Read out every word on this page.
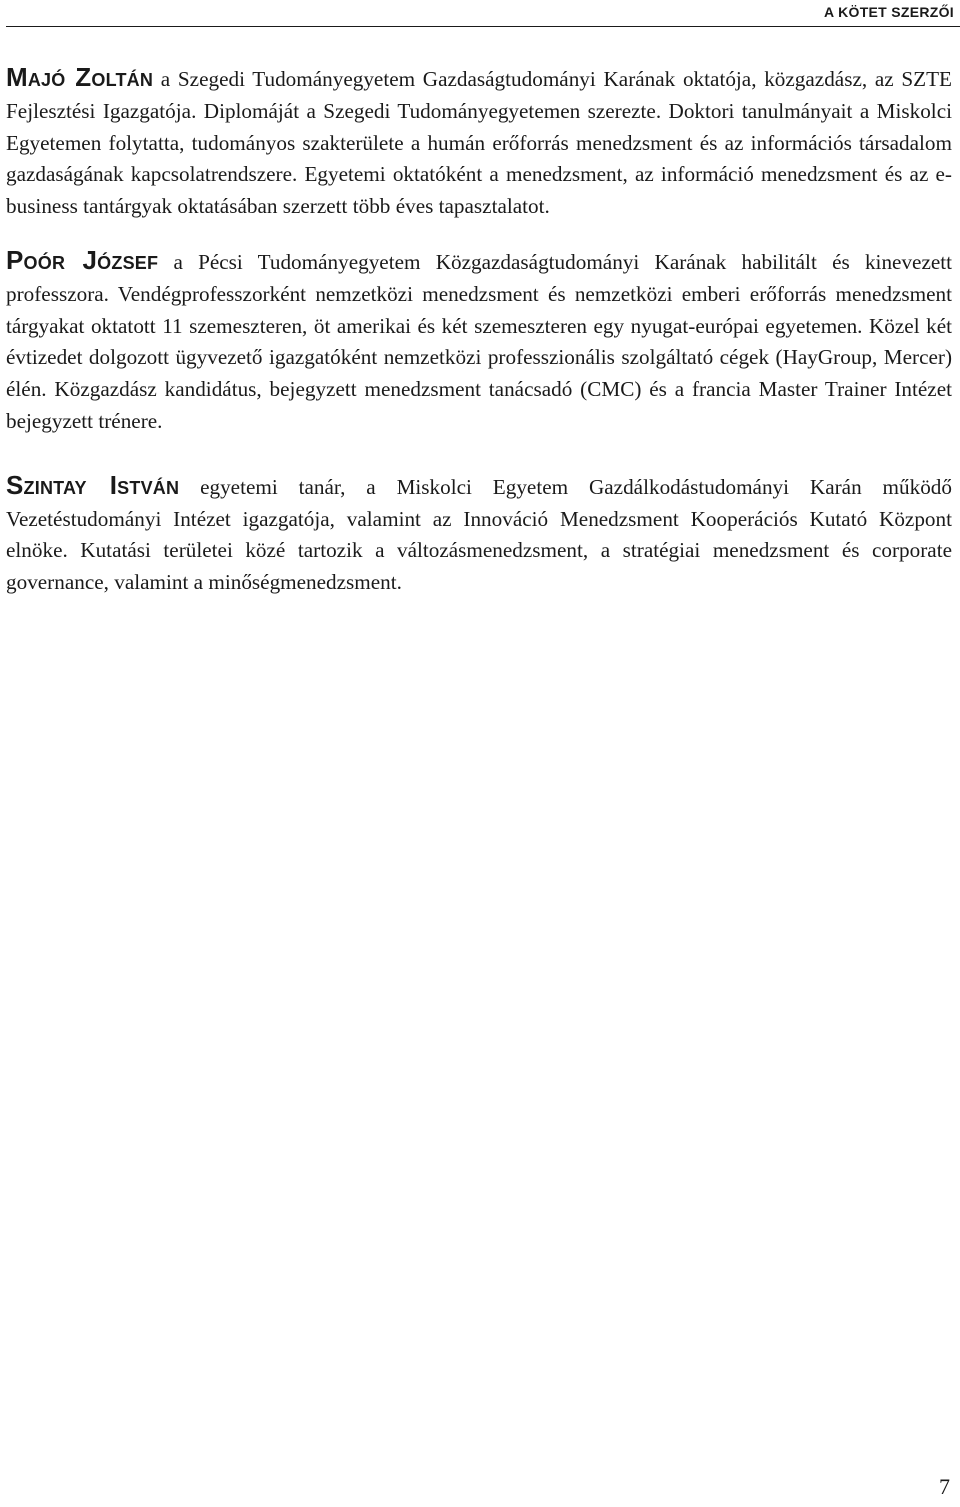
A KÖTET SZERZŐI

Majó Zoltán a Szegedi Tudományegyetem Gazdaságtudományi Karának oktatója, közgazdász, az SZTE Fejlesztési Igazgatója. Diplomáját a Szegedi Tudományegyetemen szerezte. Doktori tanulmányait a Miskolci Egyetemen folytatta, tudományos szakterülete a humán erőforrás menedzsment és az információs társadalom gazdaságának kapcsolatrendszere. Egyetemi oktatóként a menedzsment, az információ menedzsment és az e-business tantárgyak oktatásában szerzett több éves tapasztalatot.

Poór József a Pécsi Tudományegyetem Közgazdaságtudományi Karának habilitált és kinevezett professzora. Vendégprofesszorként nemzetközi menedzsment és nemzetközi emberi erőforrás menedzsment tárgyakat oktatott 11 szemeszteren, öt amerikai és két szemeszteren egy nyugat-európai egyetemen. Közel két évtizedet dolgozott ügyvezető igazgatóként nemzetközi professzionális szolgáltató cégek (HayGroup, Mercer) élén. Közgazdász kandidátus, bejegyzett menedzsment tanácsadó (CMC) és a francia Master Trainer Intézet bejegyzett trénere.

Szintay István egyetemi tanár, a Miskolci Egyetem Gazdálkodástudományi Karán működő Vezetéstudományi Intézet igazgatója, valamint az Innováció Menedzsment Kooperációs Kutató Központ elnöke. Kutatási területei közé tartozik a változásmenedzsment, a stratégiai menedzsment és corporate governance, valamint a minőségmenedzsment.

7
